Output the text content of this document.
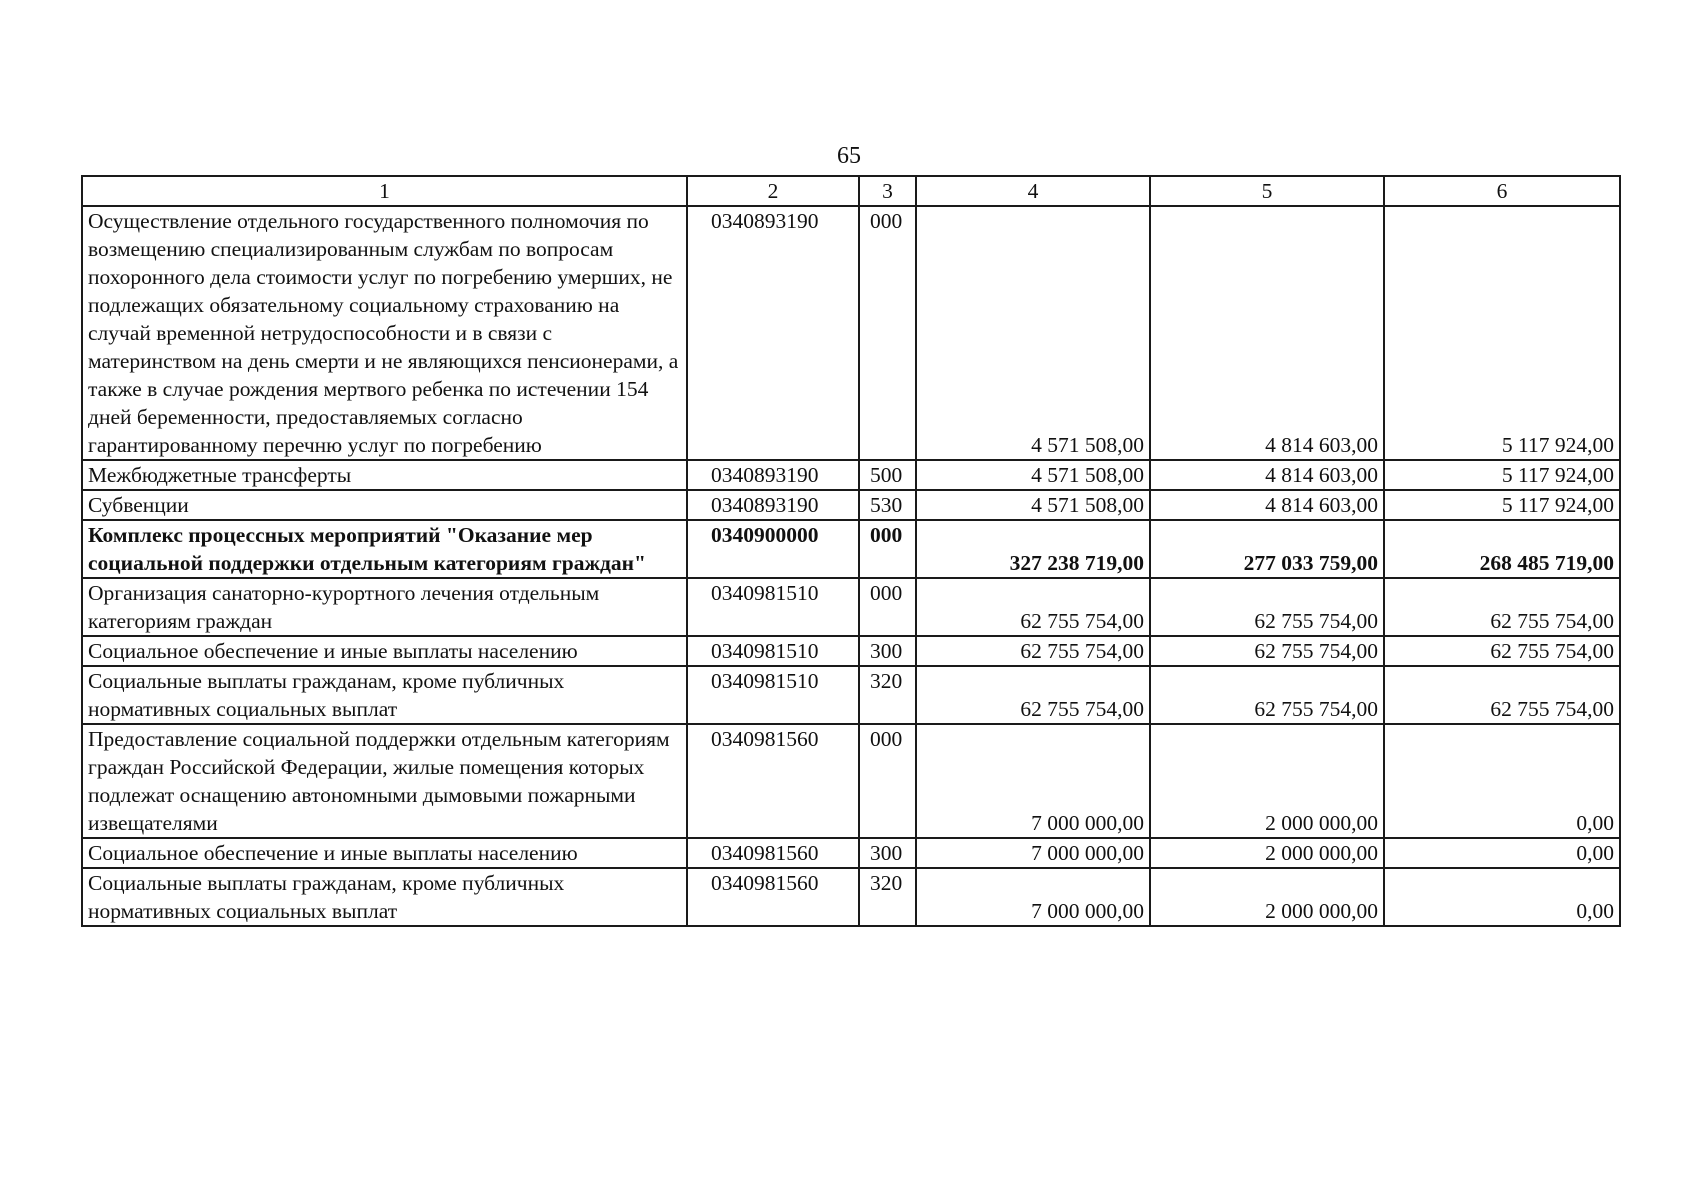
65
1	2	3	4	5	6
Осуществление отдельного государственного полномочия по возмещению специализированным службам по вопросам похоронного дела стоимости услуг по погребению умерших, не подлежащих обязательному социальному страхованию на случай временной нетрудоспособности и в связи с материнством на день смерти и не являющихся пенсионерами, а также в случае рождения мертвого ребенка по истечении 154 дней беременности, предоставляемых согласно гарантированному перечню услуг по погребению	0340893190	000	4 571 508,00	4 814 603,00	5 117 924,00
Межбюджетные трансферты	0340893190	500	4 571 508,00	4 814 603,00	5 117 924,00
Субвенции	0340893190	530	4 571 508,00	4 814 603,00	5 117 924,00
Комплекс процессных мероприятий "Оказание мер социальной поддержки отдельным категориям граждан"	0340900000	000	327 238 719,00	277 033 759,00	268 485 719,00
Организация санаторно-курортного лечения отдельным категориям граждан	0340981510	000	62 755 754,00	62 755 754,00	62 755 754,00
Социальное обеспечение и иные выплаты населению	0340981510	300	62 755 754,00	62 755 754,00	62 755 754,00
Социальные выплаты гражданам, кроме публичных нормативных социальных выплат	0340981510	320	62 755 754,00	62 755 754,00	62 755 754,00
Предоставление социальной поддержки отдельным категориям граждан Российской Федерации, жилые помещения которых подлежат оснащению автономными дымовыми пожарными извещателями	0340981560	000	7 000 000,00	2 000 000,00	0,00
Социальное обеспечение и иные выплаты населению	0340981560	300	7 000 000,00	2 000 000,00	0,00
Социальные выплаты гражданам, кроме публичных нормативных социальных выплат	0340981560	320	7 000 000,00	2 000 000,00	0,00
